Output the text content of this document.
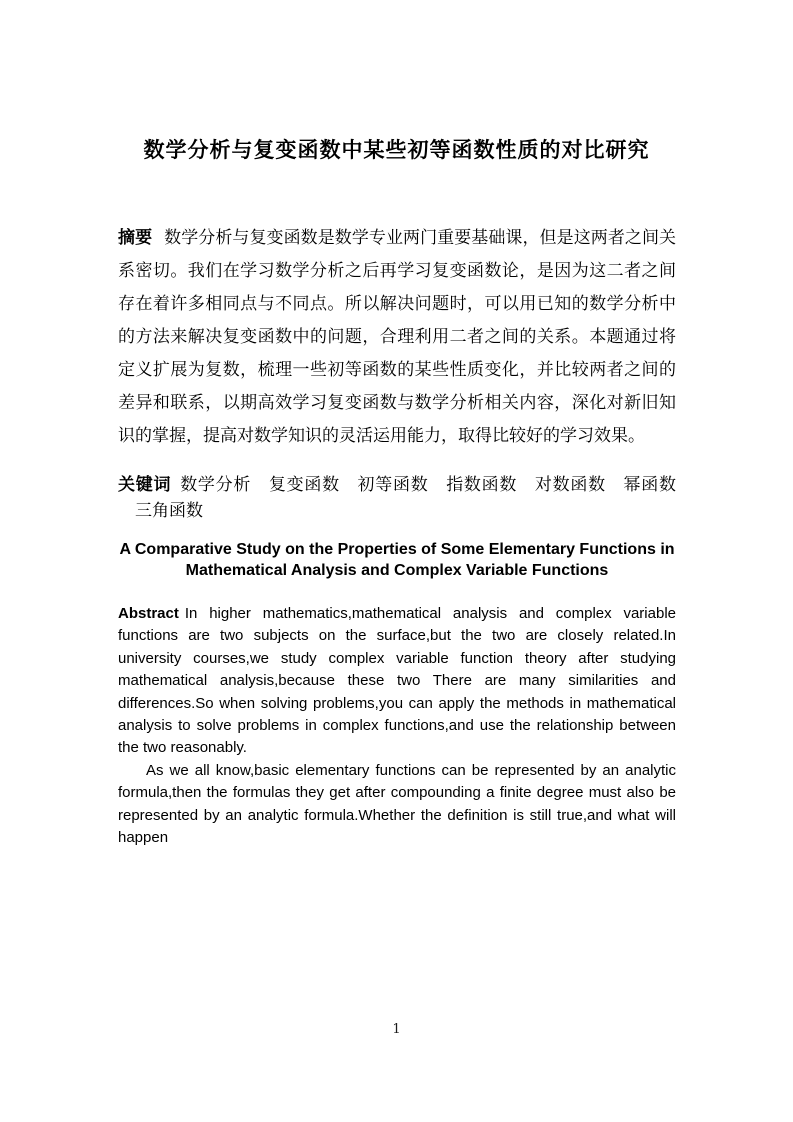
数学分析与复变函数中某些初等函数性质的对比研究
摘要 数学分析与复变函数是数学专业两门重要基础课，但是这两者之间关系密切。我们在学习数学分析之后再学习复变函数论，是因为这二者之间存在着许多相同点与不同点。所以解决问题时，可以用已知的数学分析中的方法来解决复变函数中的问题，合理利用二者之间的关系。本题通过将定义扩展为复数，梳理一些初等函数的某些性质变化，并比较两者之间的差异和联系，以期高效学习复变函数与数学分析相关内容，深化对新旧知识的掌握，提高对数学知识的灵活运用能力，取得比较好的学习效果。
关键词 数学分析　复变函数　初等函数　指数函数　对数函数　幂函数 三角函数
A Comparative Study on the Properties of Some Elementary Functions in
Mathematical Analysis and Complex Variable Functions

Abstract In higher mathematics,mathematical analysis and complex variable functions are two subjects on the surface,but the two are closely related.In university courses,we study complex variable function theory after studying mathematical analysis,because these two There are many similarities and differences.So when solving problems,you can apply the methods in mathematical analysis to solve problems in complex functions,and use the relationship between the two reasonably.

As we all know,basic elementary functions can be represented by an analytic formula,then the formulas they get after compounding a finite degree must also be represented by an analytic formula.Whether the definition is still true,and what will happen

1
